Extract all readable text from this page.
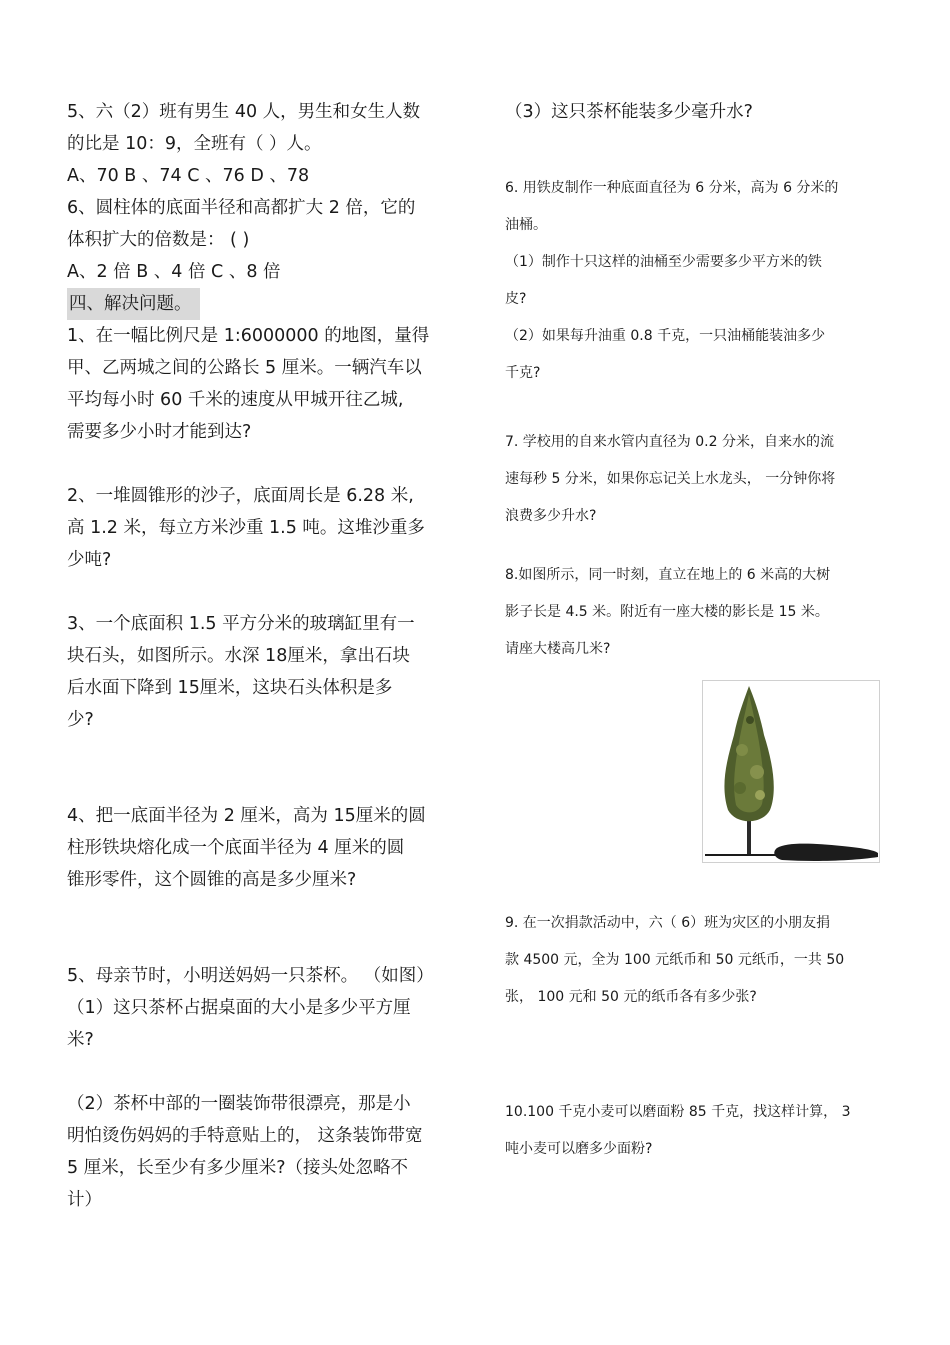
5、六（2）班有男生 40 人，男生和女生人数
的比是 10：9，全班有（ ）人。
A、70 B 、74 C 、76 D 、78
6、圆柱体的底面半径和高都扩大 2 倍，它的
体积扩大的倍数是： ( )
A、2 倍 B 、4 倍 C 、8 倍
四、解决问题。
1、在一幅比例尺是 1:6000000 的地图，量得
甲、乙两城之间的公路长 5 厘米。一辆汽车以
平均每小时 60 千米的速度从甲城开往乙城,
需要多少小时才能到达?
2、一堆圆锥形的沙子，底面周长是 6.28 米,
高 1.2 米，每立方米沙重 1.5 吨。这堆沙重多
少吨?
3、一个底面积 1.5 平方分米的玻璃缸里有一
块石头，如图所示。水深 18厘米，拿出石块
后水面下降到 15厘米，这块石头体积是多
少?
4、把一底面半径为 2 厘米，高为 15厘米的圆
柱形铁块熔化成一个底面半径为 4 厘米的圆
锥形零件，这个圆锥的高是多少厘米?
5、母亲节时，小明送妈妈一只茶杯。 （如图）
（1）这只茶杯占据桌面的大小是多少平方厘
米?
（2）茶杯中部的一圈装饰带很漂亮，那是小
明怕烫伤妈妈的手特意贴上的， 这条装饰带宽
5 厘米，长至少有多少厘米?（接头处忽略不
计）
（3）这只茶杯能装多少毫升水?
6. 用铁皮制作一种底面直径为 6 分米，高为 6 分米的
油桶。
（1）制作十只这样的油桶至少需要多少平方米的铁
皮?
（2）如果每升油重 0.8 千克，一只油桶能装油多少
千克?
7. 学校用的自来水管内直径为 0.2 分米，自来水的流
速每秒 5 分米，如果你忘记关上水龙头， 一分钟你将
浪费多少升水?
8.如图所示，同一时刻，直立在地上的 6 米高的大树
影子长是 4.5 米。附近有一座大楼的影长是 15 米。
请座大楼高几米?
9. 在一次捐款活动中，六（ 6）班为灾区的小朋友捐
款 4500 元，全为 100 元纸币和 50 元纸币，一共 50
张， 100 元和 50 元的纸币各有多少张?
10.100 千克小麦可以磨面粉 85 千克，找这样计算， 3
吨小麦可以磨多少面粉?
